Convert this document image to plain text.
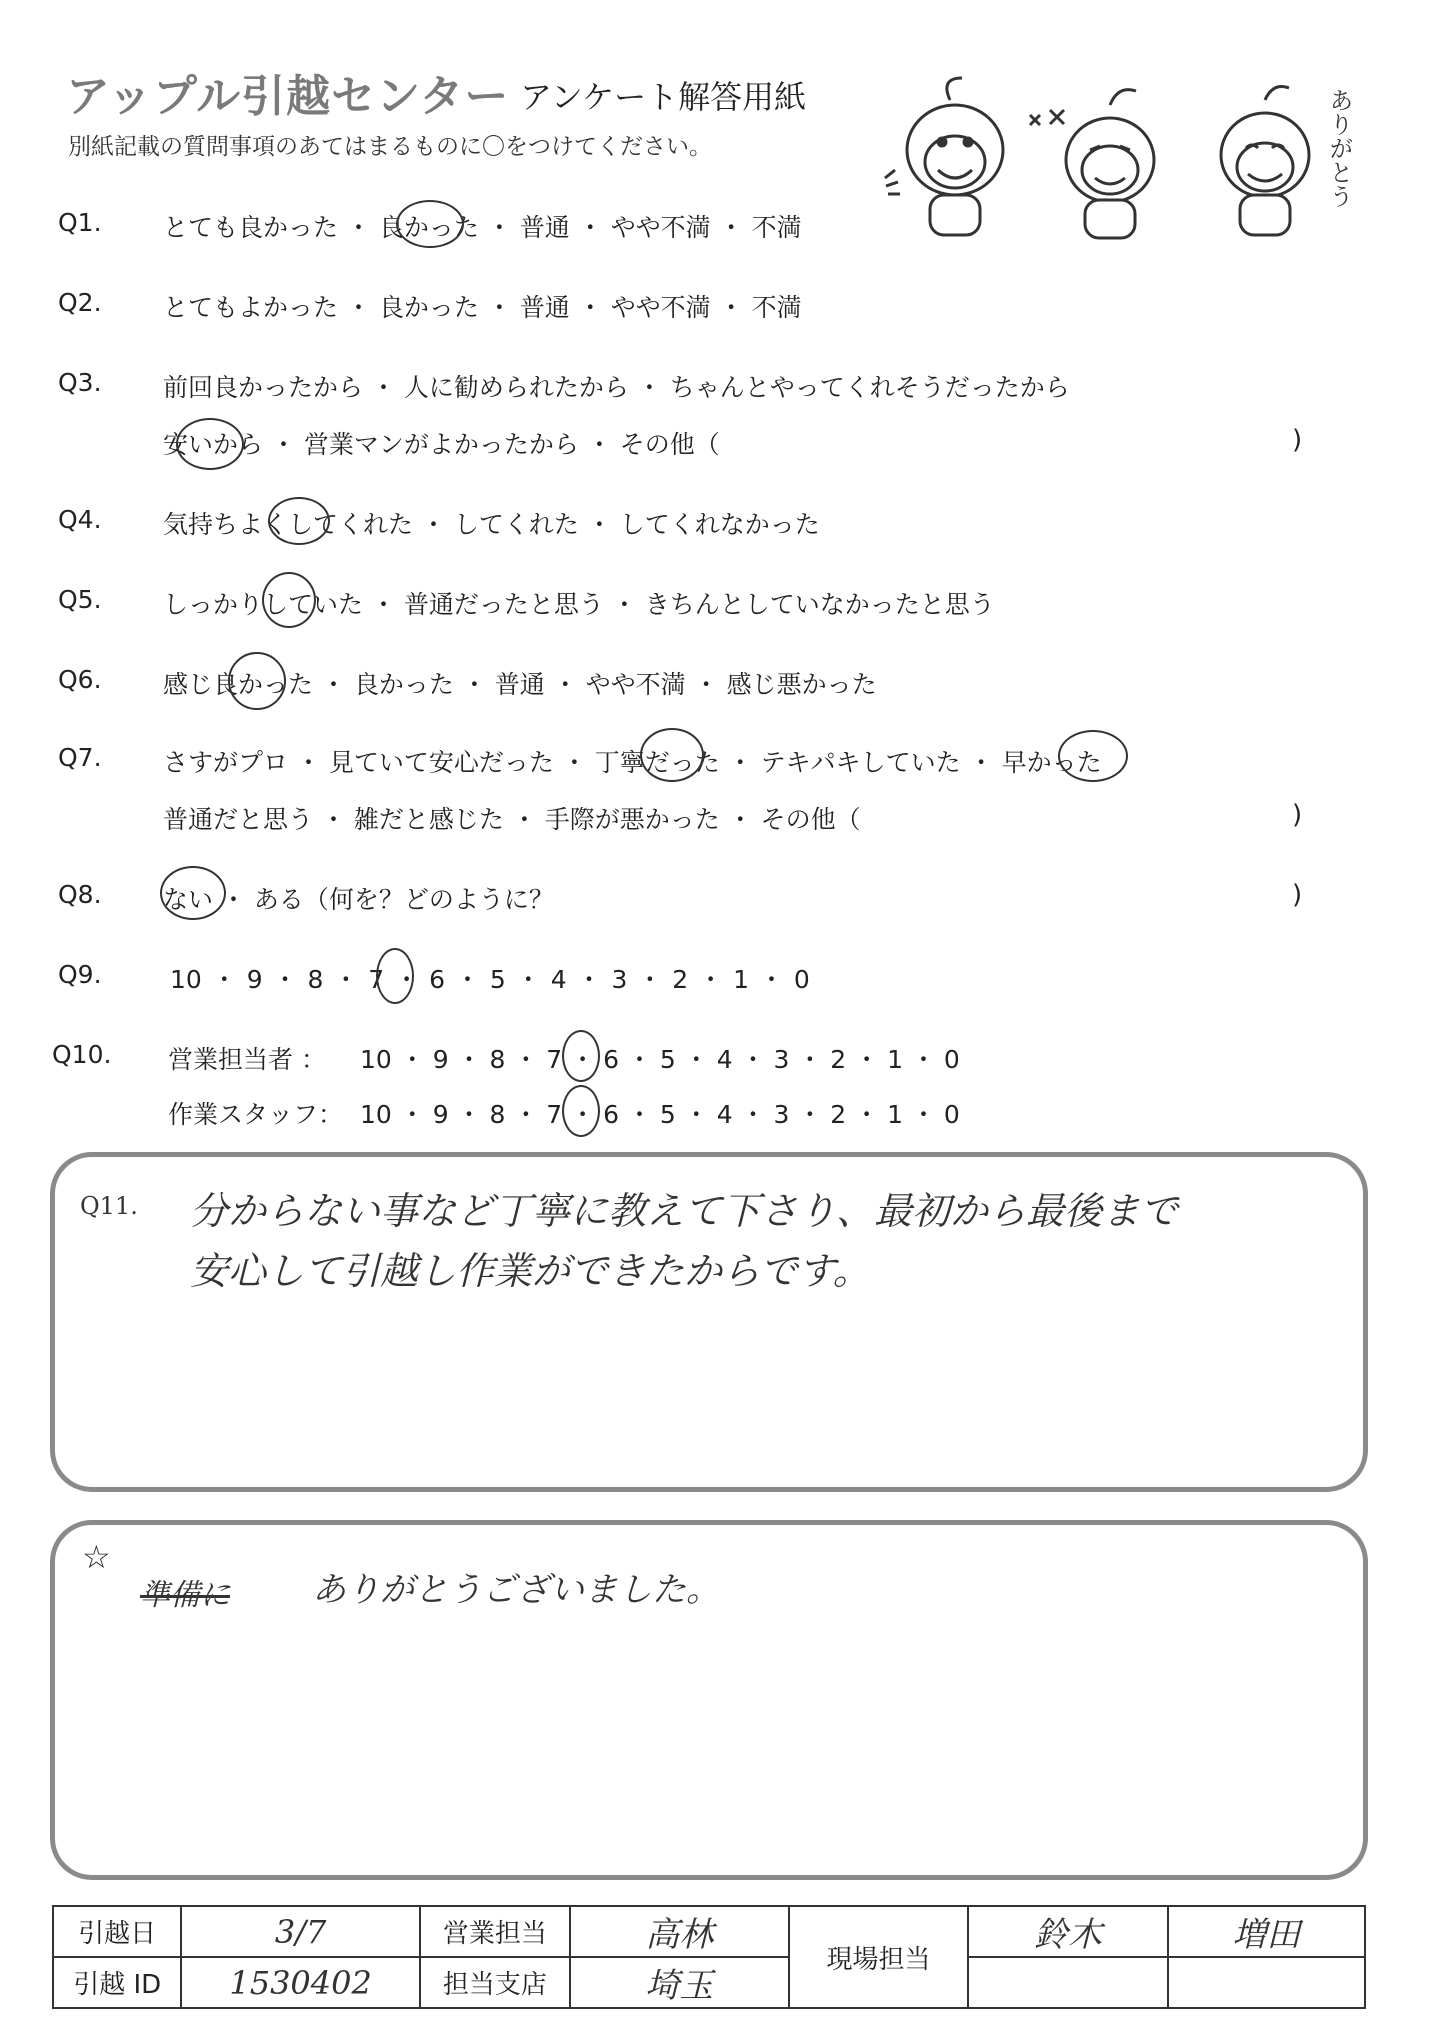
アップル引越センター アンケート解答用紙
別紙記載の質問事項のあてはまるものに〇をつけてください。	ありがとう
Q1. とても良かった ・ 良かった ・ 普通 ・ やや不満 ・ 不満
Q2. とてもよかった ・ 良かった ・ 普通 ・ やや不満 ・ 不満
Q3. 前回良かったから ・ 人に勧められたから ・ ちゃんとやってくれそうだったから
安いから ・ 営業マンがよかったから ・ その他（	)
Q4. 気持ちよくしてくれた ・ してくれた ・ してくれなかった
Q5. しっかりしていた ・ 普通だったと思う ・ きちんとしていなかったと思う
Q6. 感じ良かった ・ 良かった ・ 普通 ・ やや不満 ・ 感じ悪かった
Q7. さすがプロ ・ 見ていて安心だった ・ 丁寧だった ・ テキパキしていた ・ 早かった
普通だと思う ・ 雑だと感じた ・ 手際が悪かった ・ その他（	)
Q8. ない ・ ある（何を？どのように？	)
Q9.	10 ・ 9 ・ 8 ・ 7 ・ 6 ・ 5 ・ 4 ・ 3 ・ 2 ・ 1 ・ 0
Q10. 営業担当者 ： 10 ・ 9 ・ 8 ・ 7 ・ 6 ・ 5 ・ 4 ・ 3 ・ 2 ・ 1 ・ 0
作業スタッフ： 10 ・ 9 ・ 8 ・ 7 ・ 6 ・ 5 ・ 4 ・ 3 ・ 2 ・ 1 ・ 0
Q11. 分からない事など丁寧に教えて下さり、最初から最後まで
安心して引越し作業ができたからです。
☆
準備に ありがとうございました。
引越日	3/7	営業担当	高林	現場担当	鈴木	増田
引越 ID	1530402	担当支店	埼玉			
